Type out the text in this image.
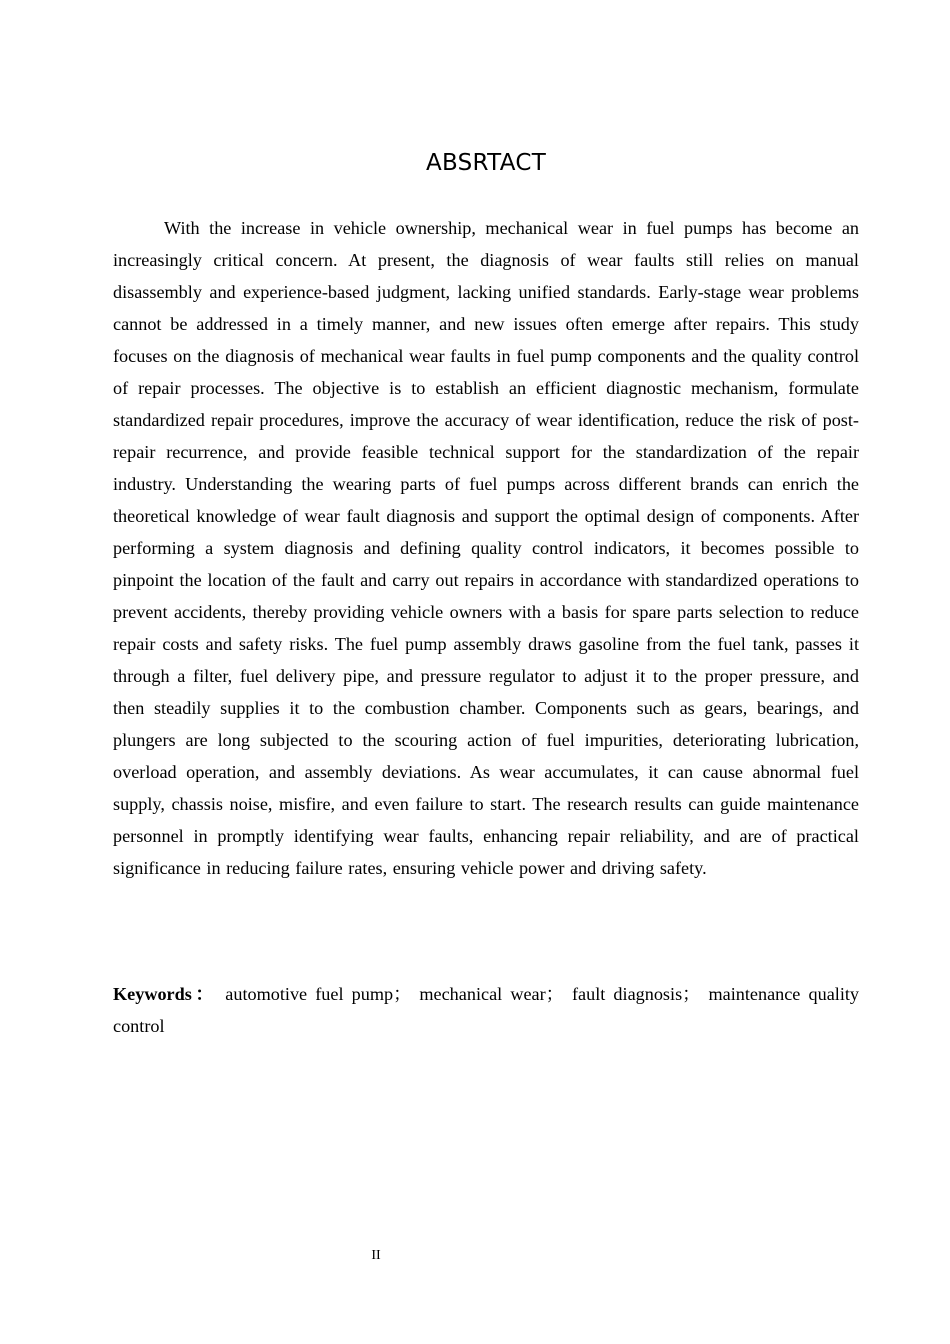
ABSRTACT

With the increase in vehicle ownership, mechanical wear in fuel pumps has become an increasingly critical concern. At present, the diagnosis of wear faults still relies on manual disassembly and experience-based judgment, lacking unified standards. Early-stage wear problems cannot be addressed in a timely manner, and new issues often emerge after repairs. This study focuses on the diagnosis of mechanical wear faults in fuel pump components and the quality control of repair processes. The objective is to establish an efficient diagnostic mechanism, formulate standardized repair procedures, improve the accuracy of wear identification, reduce the risk of post-repair recurrence, and provide feasible technical support for the standardization of the repair industry. Understanding the wearing parts of fuel pumps across different brands can enrich the theoretical knowledge of wear fault diagnosis and support the optimal design of components. After performing a system diagnosis and defining quality control indicators, it becomes possible to pinpoint the location of the fault and carry out repairs in accordance with standardized operations to prevent accidents, thereby providing vehicle owners with a basis for spare parts selection to reduce repair costs and safety risks. The fuel pump assembly draws gasoline from the fuel tank, passes it through a filter, fuel delivery pipe, and pressure regulator to adjust it to the proper pressure, and then steadily supplies it to the combustion chamber. Components such as gears, bearings, and plungers are long subjected to the scouring action of fuel impurities, deteriorating lubrication, overload operation, and assembly deviations. As wear accumulates, it can cause abnormal fuel supply, chassis noise, misfire, and even failure to start. The research results can guide maintenance personnel in promptly identifying wear faults, enhancing repair reliability, and are of practical significance in reducing failure rates, ensuring vehicle power and driving safety.

Keywords： automotive fuel pump； mechanical wear； fault diagnosis； maintenance quality control

II
